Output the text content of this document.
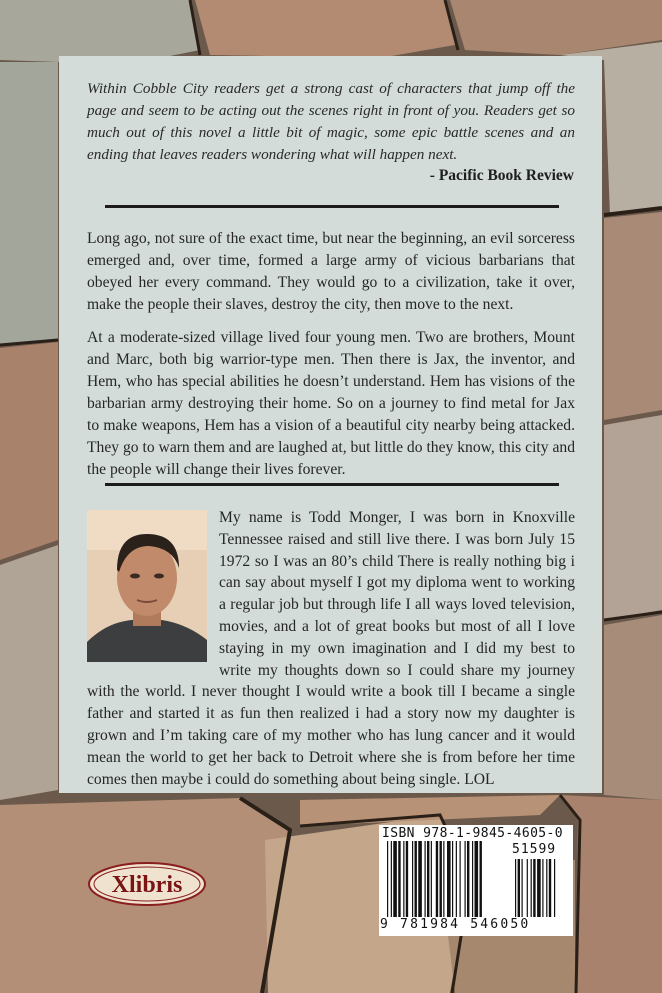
Within Cobble City readers get a strong cast of characters that jump off the page and seem to be acting out the scenes right in front of you. Readers get so much out of this novel a little bit of magic, some epic battle scenes and an ending that leaves readers wondering what will happen next.
- Pacific Book Review

Long ago, not sure of the exact time, but near the beginning, an evil sorceress emerged and, over time, formed a large army of vicious barbarians that obeyed her every command. They would go to a civilization, take it over, make the people their slaves, destroy the city, then move to the next.

At a moderate-sized village lived four young men. Two are brothers, Mount and Marc, both big warrior-type men. Then there is Jax, the inventor, and Hem, who has special abilities he doesn’t understand. Hem has visions of the barbarian army destroying their home. So on a journey to find metal for Jax to make weapons, Hem has a vision of a beautiful city nearby being attacked. They go to warn them and are laughed at, but little do they know, this city and the people will change their lives forever.

My name is Todd Monger, I was born in Knoxville Tennessee raised and still live there. I was born July 15 1972 so I was an 80’s child There is really nothing big i can say about myself I got my diploma went to working a regular job but through life I all ways loved television, movies, and a lot of great books but most of all I love staying in my own imagination and I did my best to write my thoughts down so I could share my journey with the world. I never thought I would write a book till I became a single father and started it as fun then realized i had a story now my daughter is grown and I’m taking care of my mother who has lung cancer and it would mean the world to get her back to Detroit where she is from before her time comes then maybe i could do something about being single. LOL
Xlibris
ISBN 978-1-9845-4605-0
51599
9 781984 546050
